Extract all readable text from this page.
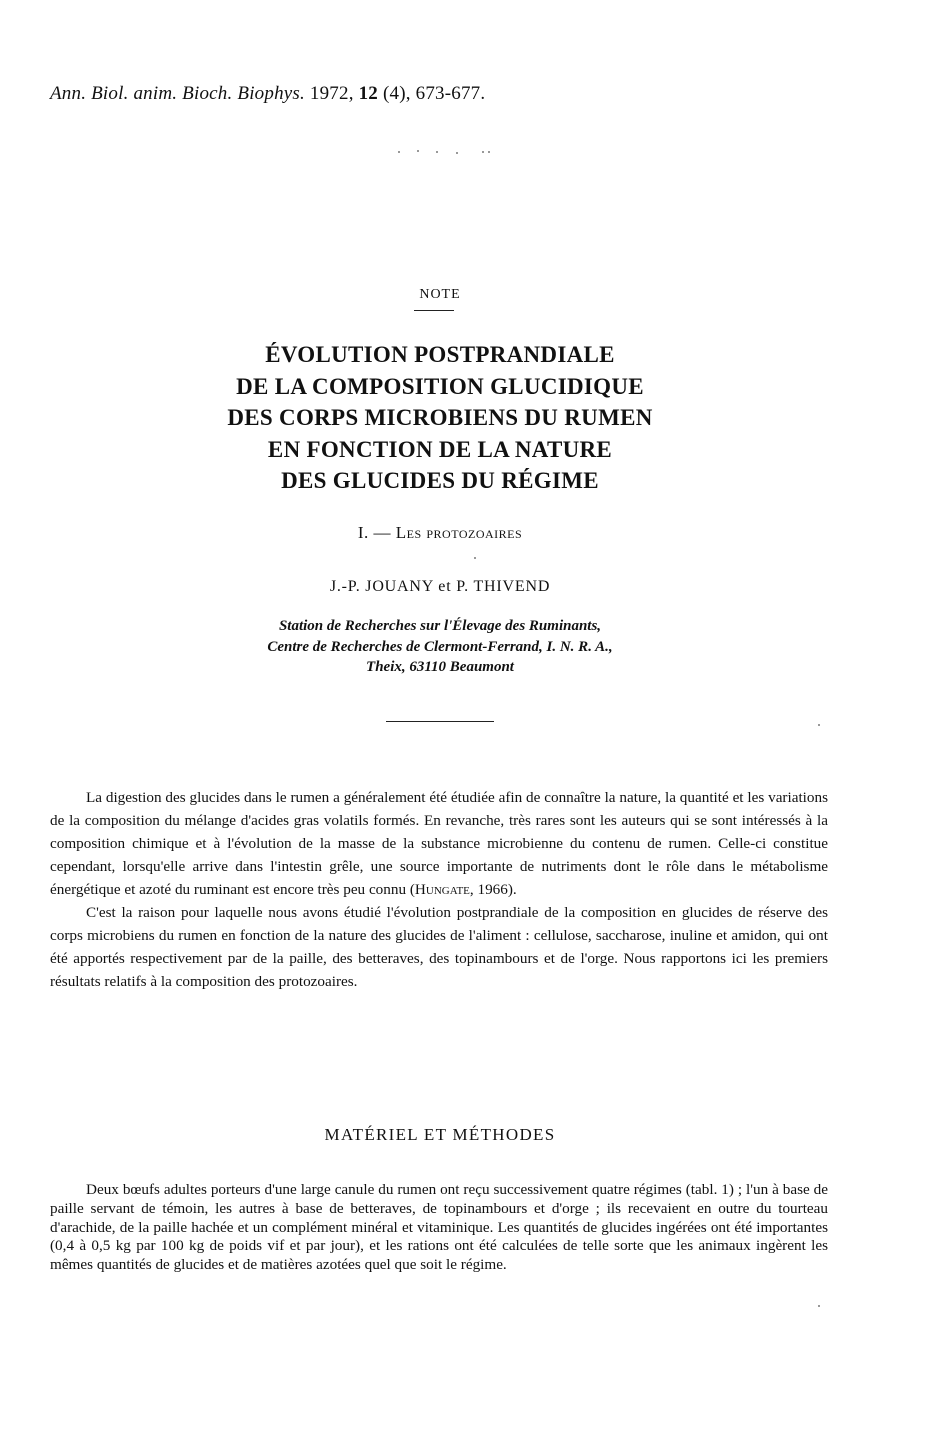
Ann. Biol. anim. Bioch. Biophys. 1972, 12 (4), 673-677.
NOTE
ÉVOLUTION POSTPRANDIALE
DE LA COMPOSITION GLUCIDIQUE
DES CORPS MICROBIENS DU RUMEN
EN FONCTION DE LA NATURE
DES GLUCIDES DU RÉGIME
I. — Les protozoaires
J.-P. JOUANY et P. THIVEND
Station de Recherches sur l'Élevage des Ruminants,
Centre de Recherches de Clermont-Ferrand, I. N. R. A.,
Theix, 63110 Beaumont

La digestion des glucides dans le rumen a généralement été étudiée afin de connaître la nature, la quantité et les variations de la composition du mélange d'acides gras volatils formés. En revanche, très rares sont les auteurs qui se sont intéressés à la composition chimique et à l'évolution de la masse de la substance microbienne du contenu de rumen. Celle-ci constitue cependant, lorsqu'elle arrive dans l'intestin grêle, une source importante de nutriments dont le rôle dans le métabolisme énergétique et azoté du ruminant est encore très peu connu (Hungate, 1966).

C'est la raison pour laquelle nous avons étudié l'évolution postprandiale de la composition en glucides de réserve des corps microbiens du rumen en fonction de la nature des glucides de l'aliment : cellulose, saccharose, inuline et amidon, qui ont été apportés respectivement par de la paille, des betteraves, des topinambours et de l'orge. Nous rapportons ici les premiers résultats relatifs à la composition des protozoaires.

MATÉRIEL ET MÉTHODES

Deux bœufs adultes porteurs d'une large canule du rumen ont reçu successivement quatre régimes (tabl. 1) ; l'un à base de paille servant de témoin, les autres à base de betteraves, de topinambours et d'orge ; ils recevaient en outre du tourteau d'arachide, de la paille hachée et un complément minéral et vitaminique. Les quantités de glucides ingérées ont été importantes (0,4 à 0,5 kg par 100 kg de poids vif et par jour), et les rations ont été calculées de telle sorte que les animaux ingèrent les mêmes quantités de glucides et de matières azotées quel que soit le régime.
